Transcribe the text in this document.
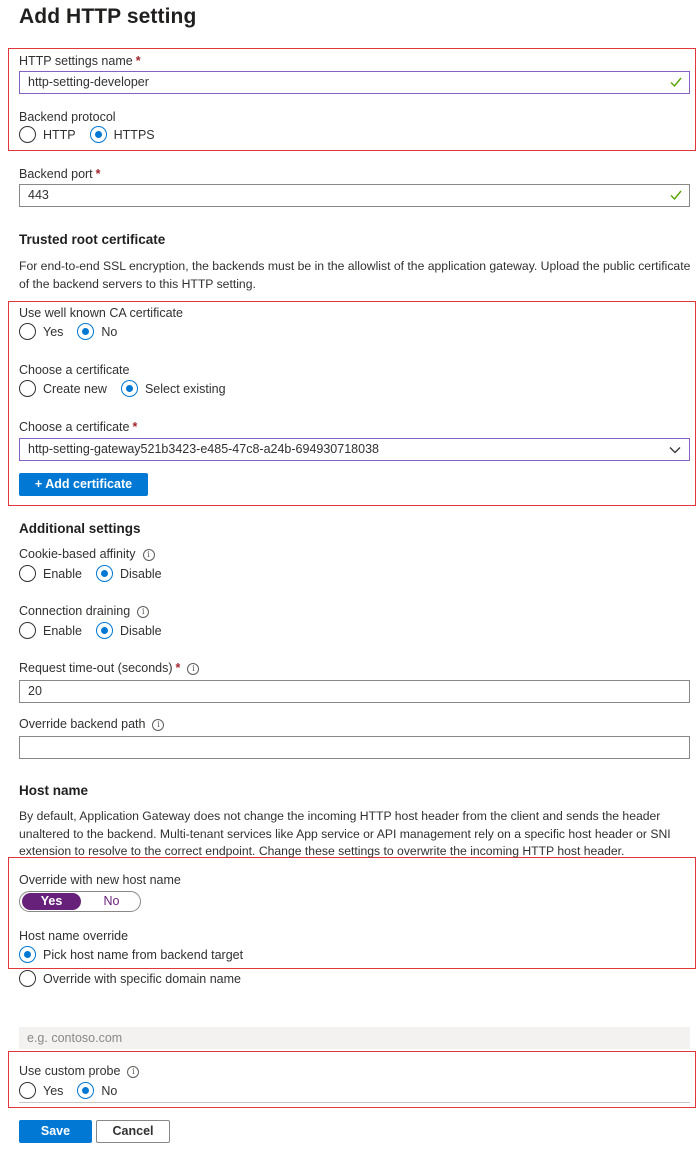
Add HTTP setting
HTTP settings name *
http-setting-developer
Backend protocol
HTTP	HTTPS
Backend port *
443
Trusted root certificate
For end-to-end SSL encryption, the backends must be in the allowlist of the application gateway. Upload the public certificate
of the backend servers to this HTTP setting.
Use well known CA certificate
Yes	No
Choose a certificate
Create new	Select existing
Choose a certificate *
http-setting-gateway521b3423-e485-47c8-a24b-694930718038
+ Add certificate
Additional settings
Cookie-based affinity i
Enable	Disable
Connection draining i
Enable	Disable
Request time-out (seconds) * i
20
Override backend path i
Host name
By default, Application Gateway does not change the incoming HTTP host header from the client and sends the header
unaltered to the backend. Multi-tenant services like App service or API management rely on a specific host header or SNI
extension to resolve to the correct endpoint. Change these settings to overwrite the incoming HTTP host header.
Override with new host name
Yes	No
Host name override
Pick host name from backend target
Override with specific domain name
e.g. contoso.com
Use custom probe i
Yes	No
Save	Cancel
